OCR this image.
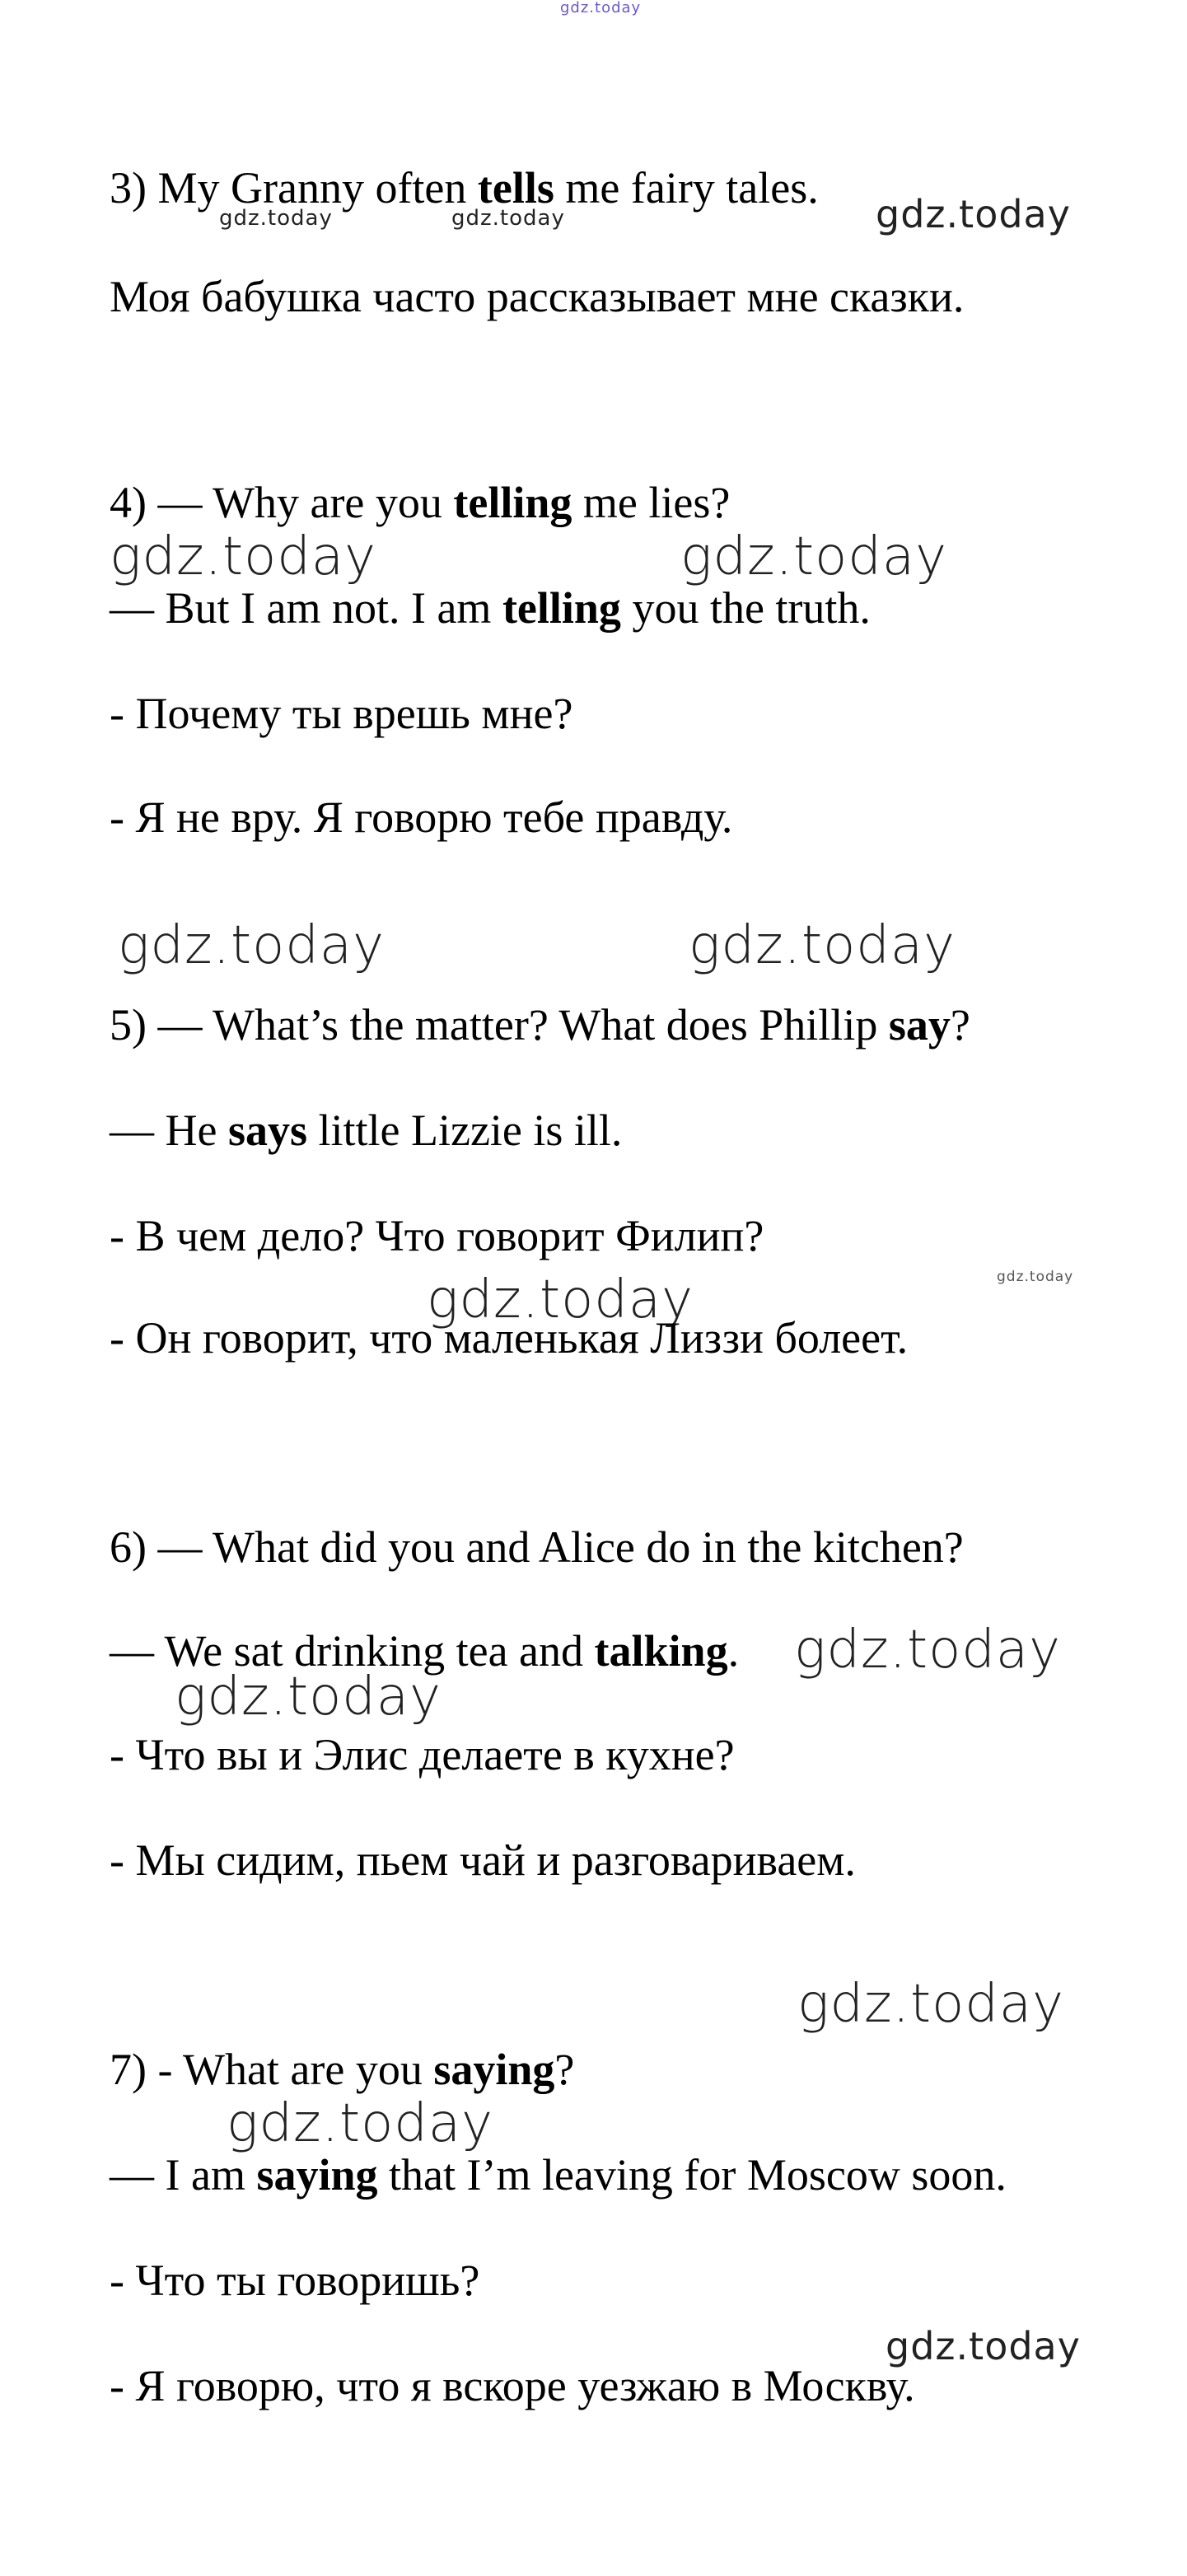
gdz.today
3) My Granny often tells me fairy tales.
gdz.today	gdz.today	gdz.today
Моя бабушка часто рассказывает мне сказки.
4) — Why are you telling me lies?
gdz.today	gdz.today
— But I am not. I am telling you the truth.
- Почему ты врешь мне?
- Я не вру. Я говорю тебе правду.
gdz.today	gdz.today
5) — What’s the matter? What does Phillip say?
— He says little Lizzie is ill.
- В чем дело? Что говорит Филип?
gdz.today
gdz.today
- Он говорит, что маленькая Лиззи болеет.
6) — What did you and Alice do in the kitchen?
— We sat drinking tea and talking. gdz.today
gdz.today
- Что вы и Элис делаете в кухне?
- Мы сидим, пьем чай и разговариваем.
gdz.today
7) - What are you saying?
gdz.today
— I am saying that I’m leaving for Moscow soon.
- Что ты говоришь?
gdz.today
- Я говорю, что я вскоре уезжаю в Москву.
